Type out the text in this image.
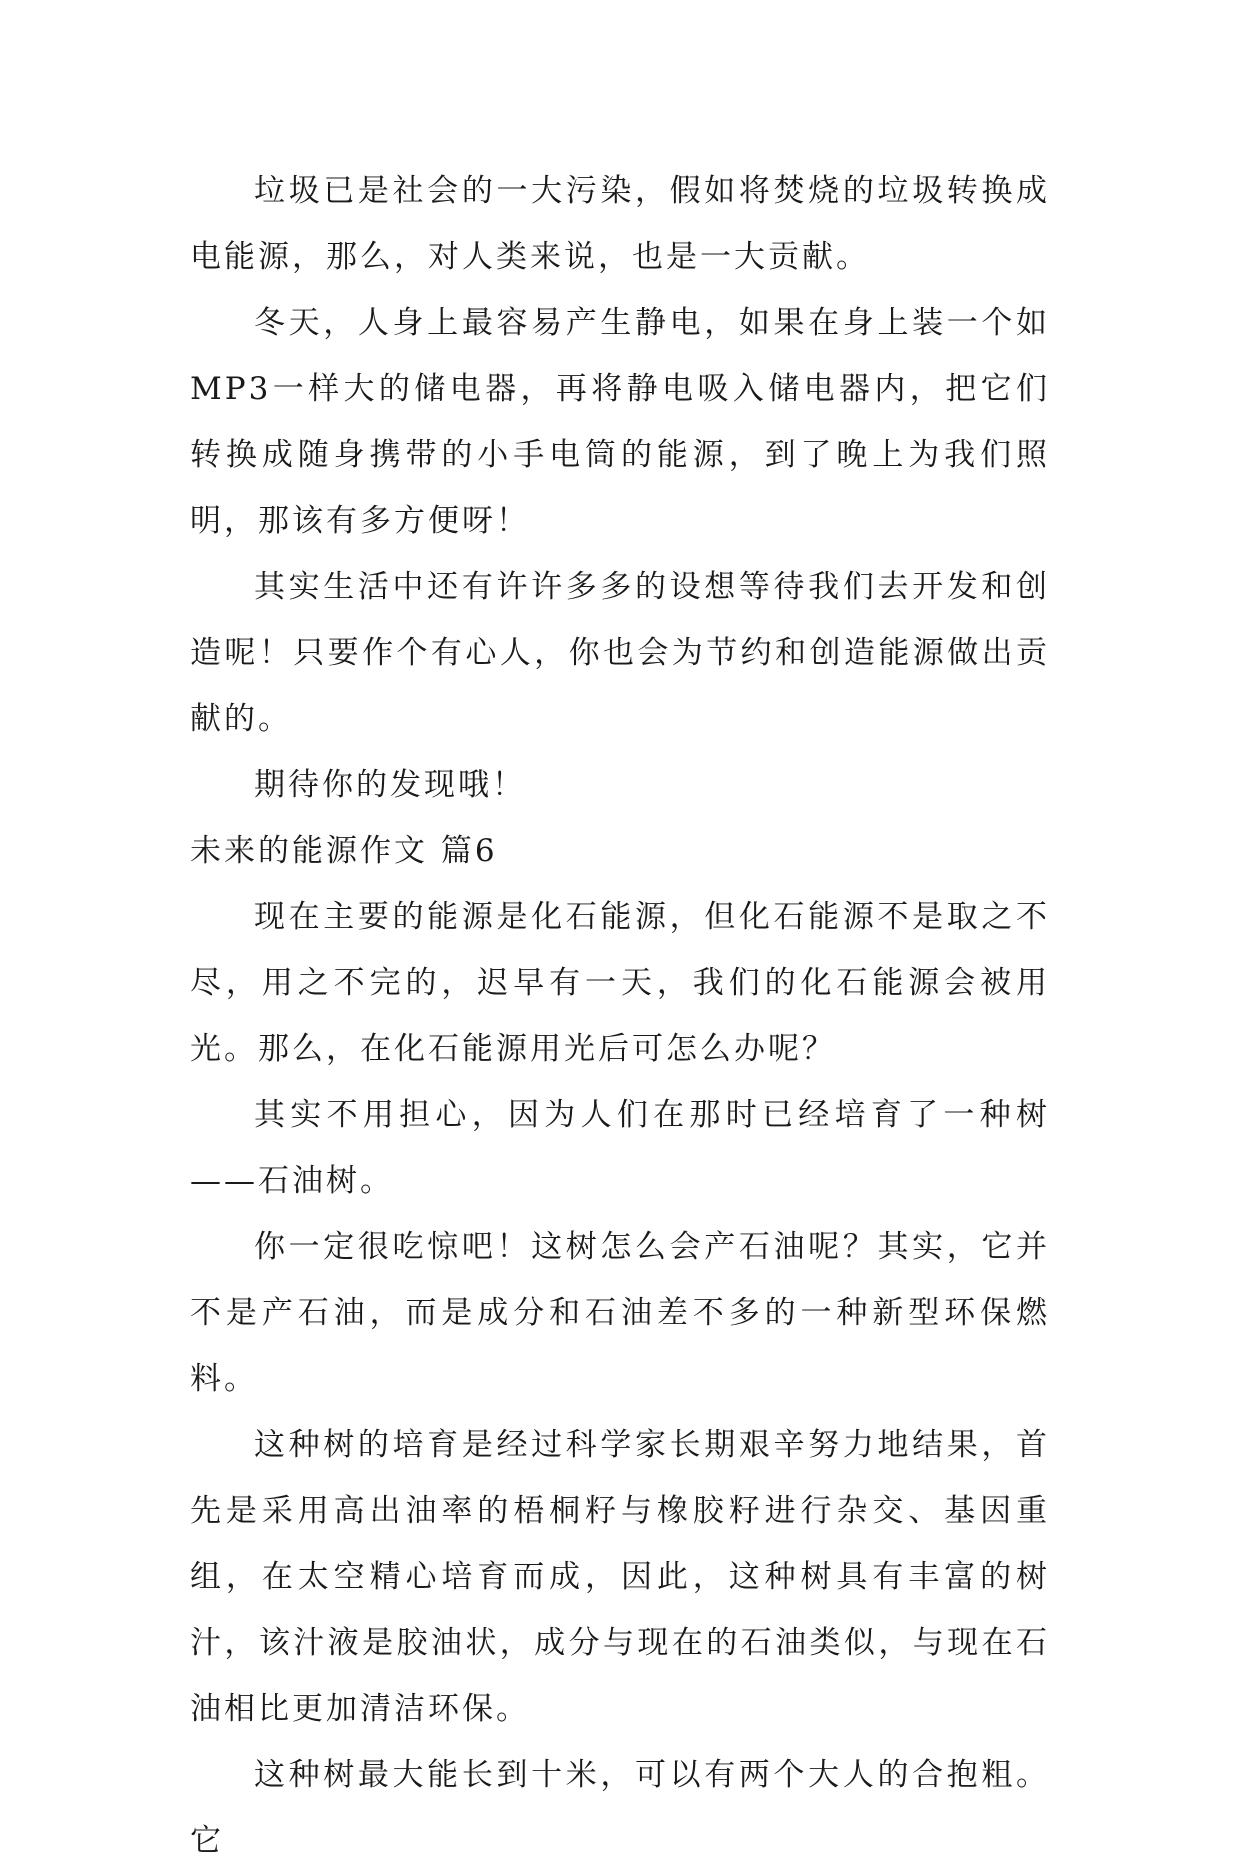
垃圾已是社会的一大污染，假如将焚烧的垃圾转换成电能源，那么，对人类来说，也是一大贡献。

冬天，人身上最容易产生静电，如果在身上装一个如MP3一样大的储电器，再将静电吸入储电器内，把它们转换成随身携带的小手电筒的能源，到了晚上为我们照明，那该有多方便呀！

其实生活中还有许许多多的设想等待我们去开发和创造呢！只要作个有心人，你也会为节约和创造能源做出贡献的。

期待你的发现哦！

未来的能源作文 篇6

现在主要的能源是化石能源，但化石能源不是取之不尽，用之不完的，迟早有一天，我们的化石能源会被用光。那么，在化石能源用光后可怎么办呢？

其实不用担心，因为人们在那时已经培育了一种树——石油树。

你一定很吃惊吧！这树怎么会产石油呢？其实，它并不是产石油，而是成分和石油差不多的一种新型环保燃料。

这种树的培育是经过科学家长期艰辛努力地结果，首先是采用高出油率的梧桐籽与橡胶籽进行杂交、基因重组，在太空精心培育而成，因此，这种树具有丰富的树汁，该汁液是胶油状，成分与现在的石油类似，与现在石油相比更加清洁环保。

这种树最大能长到十米，可以有两个大人的合抱粗。它
